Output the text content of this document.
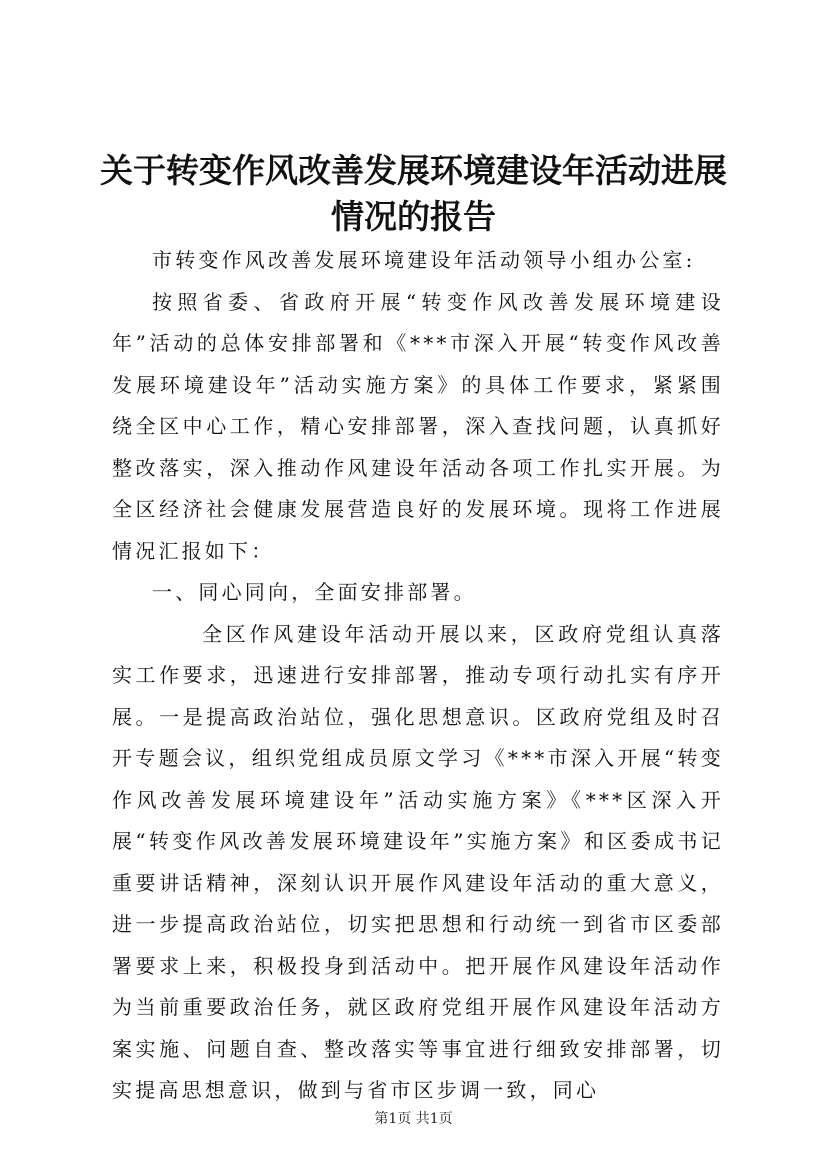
关于转变作风改善发展环境建设年活动进展情况的报告

市转变作风改善发展环境建设年活动领导小组办公室:

按照省委、省政府开展“转变作风改善发展环境建设年”活动的总体安排部署和《***市深入开展“转变作风改善发展环境建设年”活动实施方案》的具体工作要求，紧紧围绕全区中心工作，精心安排部署，深入查找问题，认真抓好整改落实，深入推动作风建设年活动各项工作扎实开展。为全区经济社会健康发展营造良好的发展环境。现将工作进展情况汇报如下：

一、同心同向，全面安排部署。

全区作风建设年活动开展以来，区政府党组认真落实工作要求，迅速进行安排部署，推动专项行动扎实有序开展。一是提高政治站位，强化思想意识。区政府党组及时召开专题会议，组织党组成员原文学习《***市深入开展“转变作风改善发展环境建设年”活动实施方案》《***区深入开展“转变作风改善发展环境建设年”实施方案》和区委成书记重要讲话精神，深刻认识开展作风建设年活动的重大意义，进一步提高政治站位，切实把思想和行动统一到省市区委部署要求上来，积极投身到活动中。把开展作风建设年活动作为当前重要政治任务，就区政府党组开展作风建设年活动方案实施、问题自查、整改落实等事宜进行细致安排部署，切实提高思想意识，做到与省市区步调一致，同心

第1页 共1页
